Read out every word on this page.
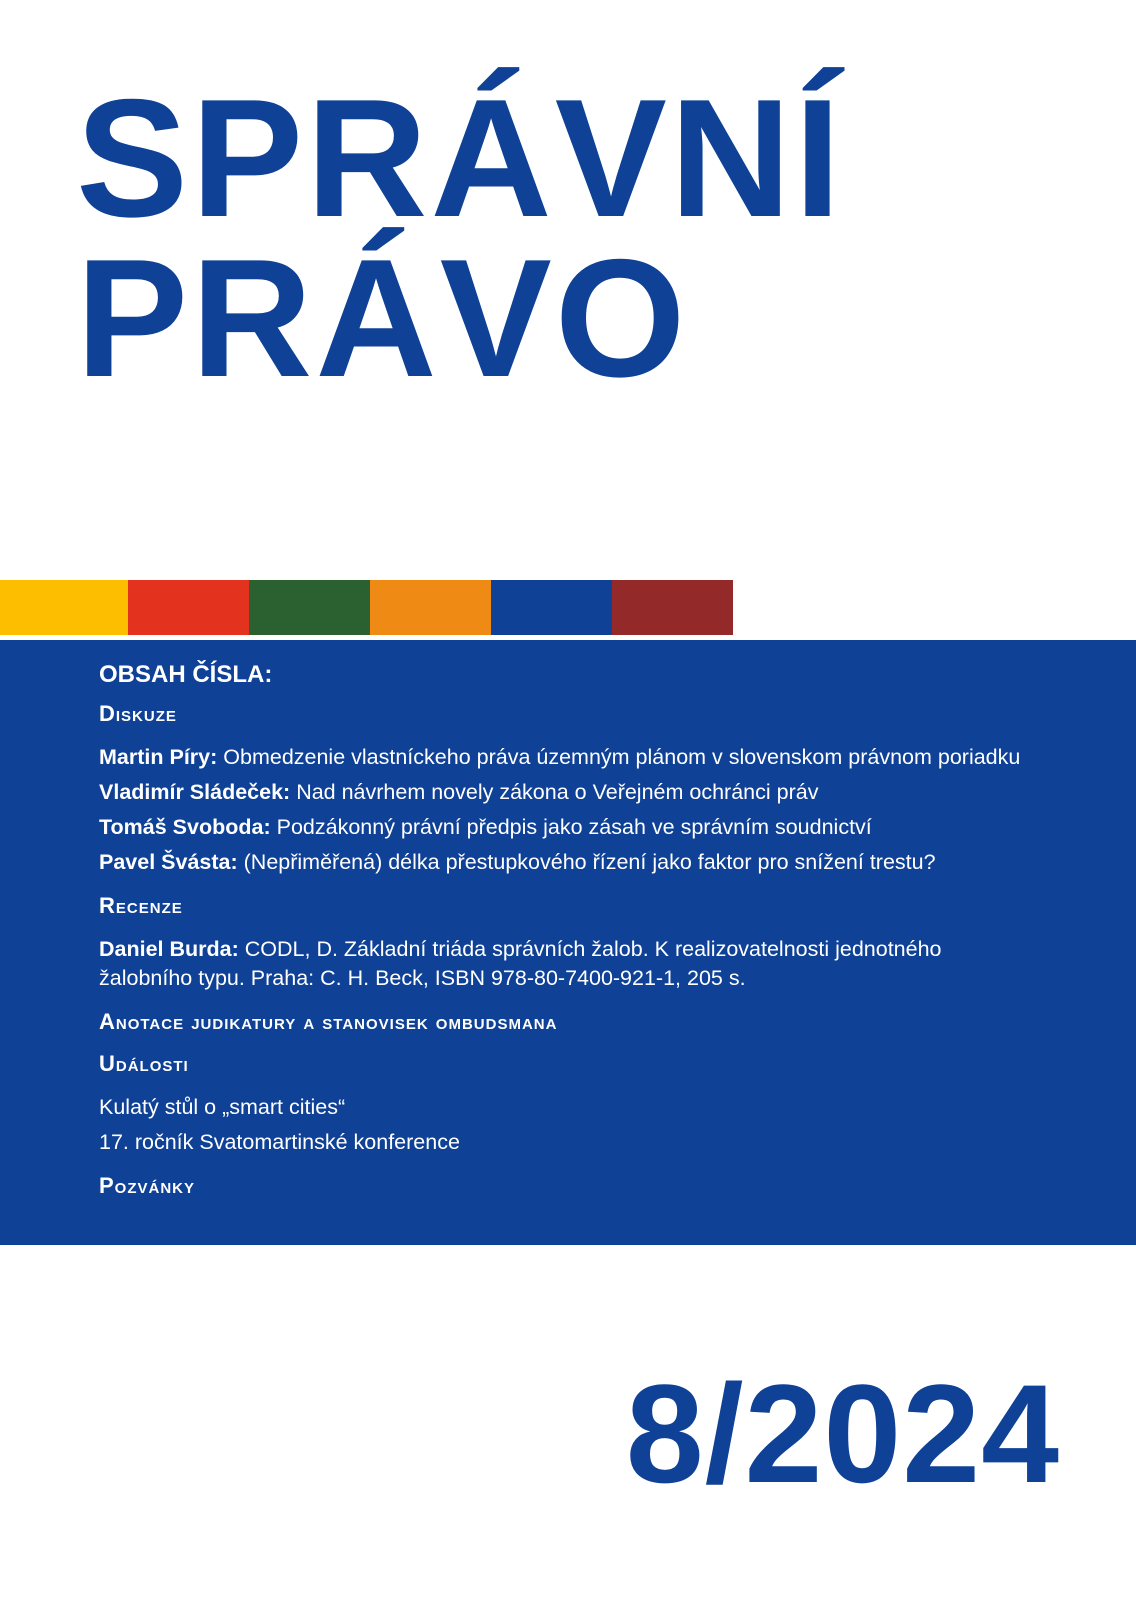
SPRÁVNÍ
PRÁVO
OBSAH ČÍSLA:
Diskuze
Martin Píry: Obmedzenie vlastníckeho práva územným plánom v slovenskom právnom poriadku
Vladimír Sládeček: Nad návrhem novely zákona o Veřejném ochránci práv
Tomáš Svoboda: Podzákonný právní předpis jako zásah ve správním soudnictví
Pavel Švásta: (Nepřiměřená) délka přestupkového řízení jako faktor pro snížení trestu?
Recenze
Daniel Burda: CODL, D. Základní triáda správních žalob. K realizovatelnosti jednotného žalobního typu. Praha: C. H. Beck, ISBN 978-80-7400-921-1, 205 s.
Anotace judikatury a stanovisek ombudsmana
Události
Kulatý stůl o „smart cities“
17. ročník Svatomartinské konference
Pozvánky
8/2024
